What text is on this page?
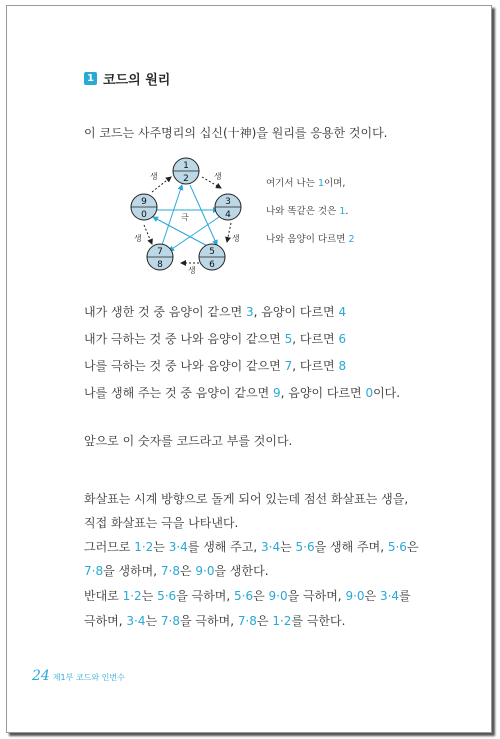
1 코드의 원리
이 코드는 사주명리의 십신(十神)을 원리를 응용한 것이다.
1
2
3
4
5
6
7
8
9
0
생	생
생
생
생
극
여기서 나는 1이며,
나와 똑같은 것은 1.
나와 음양이 다르면 2
내가 생한 것 중 음양이 같으면 3, 음양이 다르면 4
내가 극하는 것 중 나와 음양이 같으면 5, 다르면 6
나를 극하는 것 중 나와 음양이 같으면 7, 다르면 8
나를 생해 주는 것 중 음양이 같으면 9, 음양이 다르면 0이다.
앞으로 이 숫자를 코드라고 부를 것이다.
화살표는 시계 방향으로 돌게 되어 있는데 점선 화살표는 생을,
직접 화살표는 극을 나타낸다.
그러므로 1·2는 3·4를 생해 주고, 3·4는 5·6을 생해 주며, 5·6은
7·8을 생하며, 7·8은 9·0을 생한다.
반대로 1·2는 5·6을 극하며, 5·6은 9·0을 극하며, 9·0은 3·4를
극하며, 3·4는 7·8을 극하며, 7·8은 1·2를 극한다.
24 제1부 코드와 인번수
